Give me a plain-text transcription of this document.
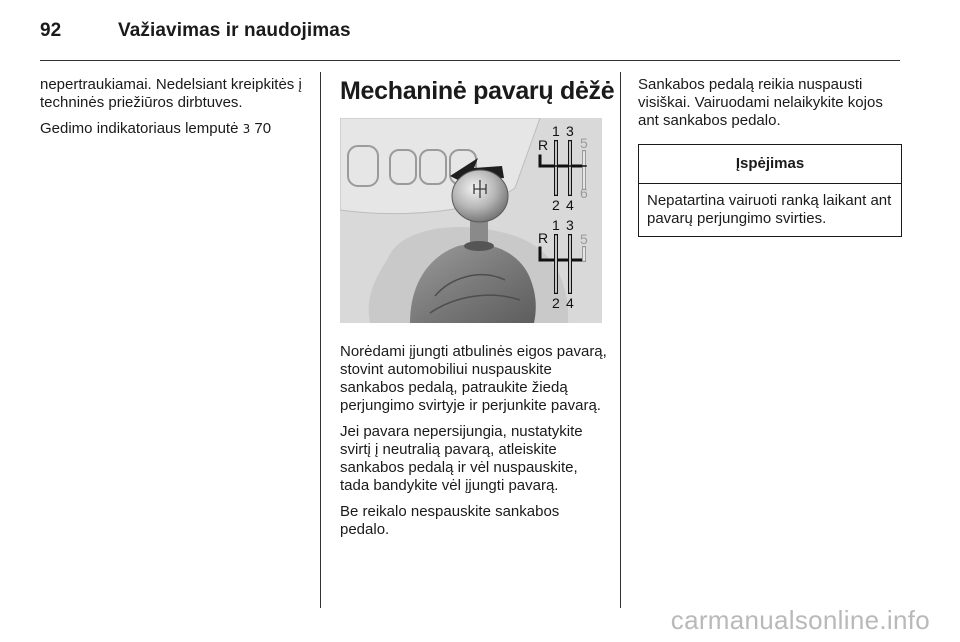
92	Važiavimas ir naudojimas

nepertraukiamai. Nedelsiant kreipkitės į techninės priežiūros dirbtuves.

Gedimo indikatoriaus lemputė 3 70

Mechaninė pavarų dėžė
R
1 3
5
2 4
6
R
1 3
5
2 4

Norėdami įjungti atbulinės eigos pavarą, stovint automobiliui nuspauskite sankabos pedalą, patraukite žiedą perjungimo svirtyje ir perjunkite pavarą.

Jei pavara nepersijungia, nustatykite svirtį į neutralią pavarą, atleiskite sankabos pedalą ir vėl nuspauskite, tada bandykite vėl įjungti pavarą.

Be reikalo nespauskite sankabos pedalo.

Sankabos pedalą reikia nuspausti visiškai. Vairuodami nelaikykite kojos ant sankabos pedalo.

Įspėjimas
Nepatartina vairuoti ranką laikant ant pavarų perjungimo svirties.
carmanualsonline.info
